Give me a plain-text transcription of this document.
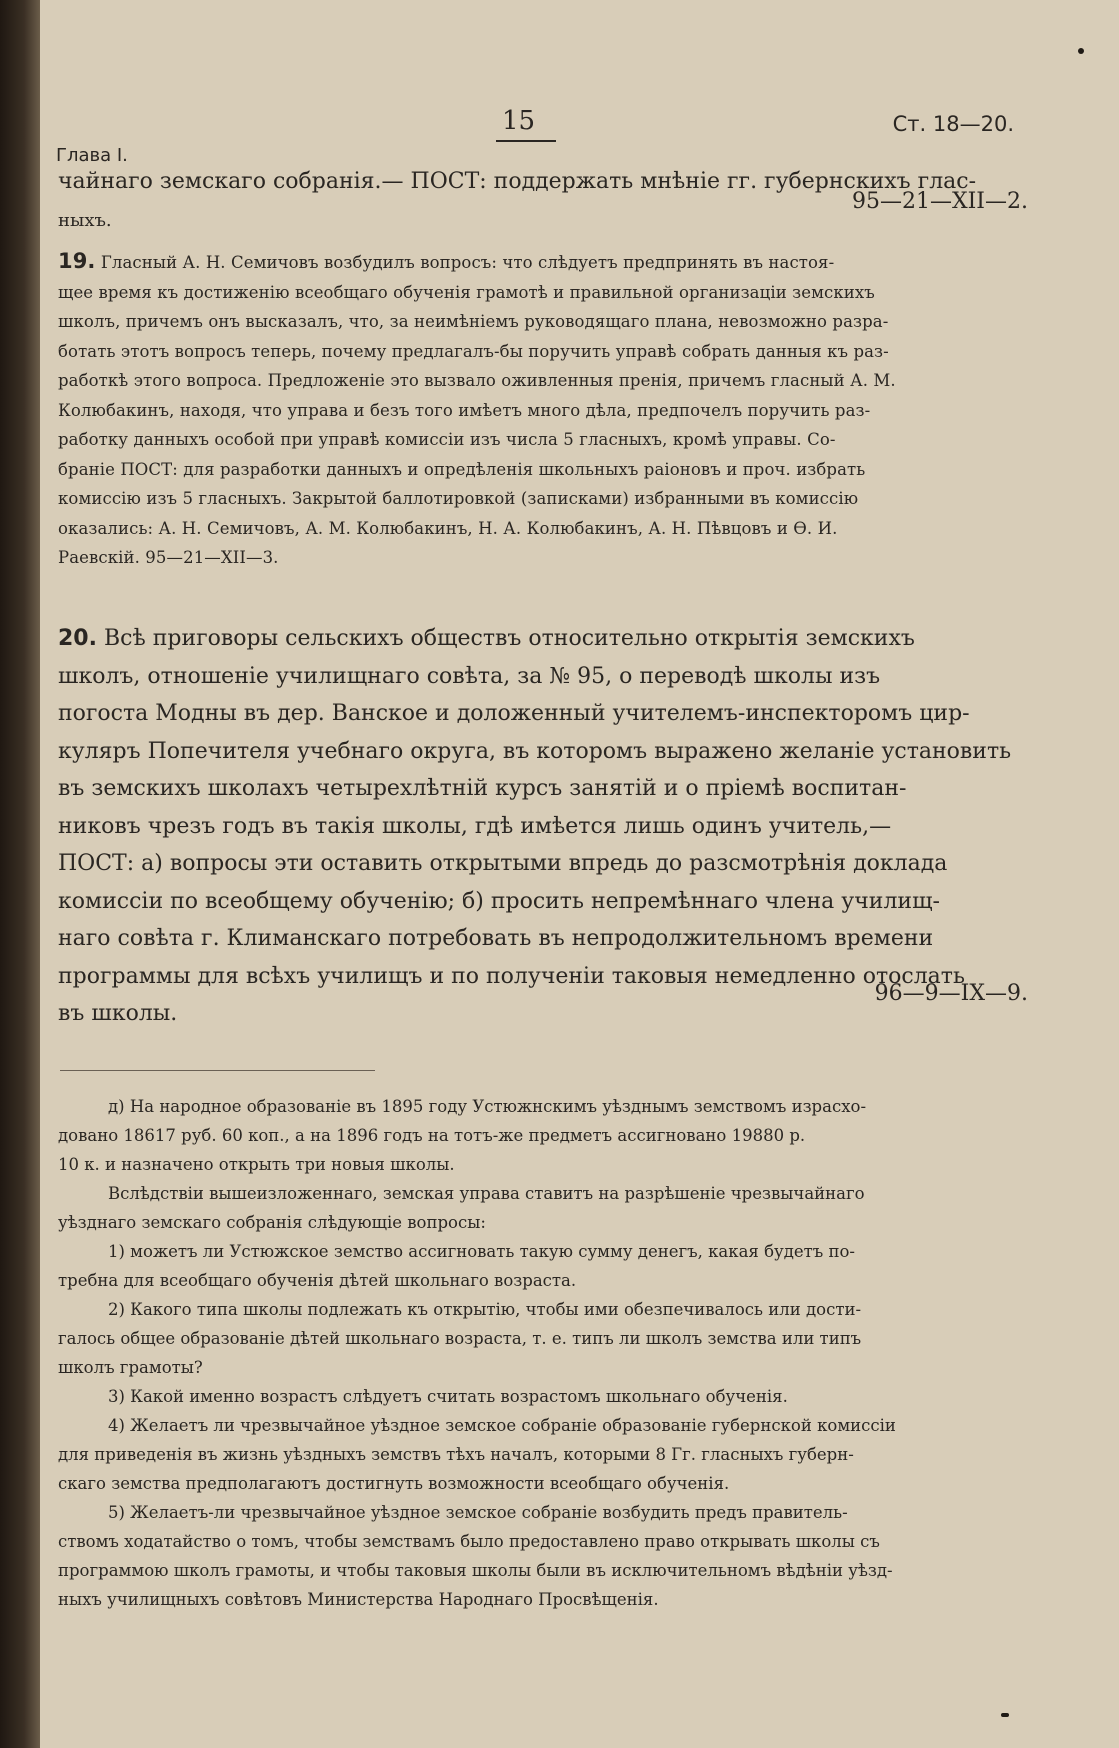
15	Ст. 18—20.
Глава I.
чайнаго земскаго собранія.— ПОСТ: поддержать мнѣніе гг. губернскихъ глас-
ныхъ.
95—21—XII—2.
19. Гласный А. Н. Семичовъ возбудилъ вопросъ: что слѣдуетъ предпринять въ настоя-
щее время къ достиженію всеобщаго обученія грамотѣ и правильной организаціи земскихъ
школъ, причемъ онъ высказалъ, что, за неимѣніемъ руководящаго плана, невозможно разра-
ботать этотъ вопросъ теперь, почему предлагалъ-бы поручить управѣ собрать данныя къ раз-
работкѣ этого вопроса. Предложеніе это вызвало оживленныя пренія, причемъ гласный А. М.
Колюбакинъ, находя, что управа и безъ того имѣетъ много дѣла, предпочелъ поручить раз-
работку данныхъ особой при управѣ комиссіи изъ числа 5 гласныхъ, кромѣ управы. Со-
браніе ПОСТ: для разработки данныхъ и опредѣленія школьныхъ раіоновъ и проч. избрать
комиссію изъ 5 гласныхъ. Закрытой баллотировкой (записками) избранными въ комиссію
оказались: А. Н. Семичовъ, А. М. Колюбакинъ, Н. А. Колюбакинъ, А. Н. Пѣвцовъ и Ѳ. И.
Раевскій. 95—21—XII—3.
20. Всѣ приговоры сельскихъ обществъ относительно открытія земскихъ
школъ, отношеніе училищнаго совѣта, за № 95, о переводѣ школы изъ
погоста Модны въ дер. Ванское и доложенный учителемъ-инспекторомъ цир-
куляръ Попечителя учебнаго округа, въ которомъ выражено желаніе установить
въ земскихъ школахъ четырехлѣтній курсъ занятій и о пріемѣ воспитан-
никовъ чрезъ годъ въ такія школы, гдѣ имѣется лишь одинъ учитель,—
ПОСТ: а) вопросы эти оставить открытыми впредь до разсмотрѣнія доклада
комиссіи по всеобщему обученію; б) просить непремѣннаго члена училищ-
наго совѣта г. Климанскаго потребовать въ непродолжительномъ времени
программы для всѣхъ училищъ и по полученіи таковыя немедленно отослать
въ школы.
96—9—IX—9.
д) На народное образованіе въ 1895 году Устюжнскимъ уѣзднымъ земствомъ израсхо-
довано 18617 руб. 60 коп., а на 1896 годъ на тотъ-же предметъ ассигновано 19880 р.
10 к. и назначено открыть три новыя школы.
Вслѣдствіи вышеизложеннаго, земская управа ставитъ на разрѣшеніе чрезвычайнаго
уѣзднаго земскаго собранія слѣдующіе вопросы:
1) можетъ ли Устюжское земство ассигновать такую сумму денегъ, какая будетъ по-
требна для всеобщаго обученія дѣтей школьнаго возраста.
2) Какого типа школы подлежать къ открытію, чтобы ими обезпечивалось или дости-
галось общее образованіе дѣтей школьнаго возраста, т. е. типъ ли школъ земства или типъ
школъ грамоты?
3) Какой именно возрастъ слѣдуетъ считать возрастомъ школьнаго обученія.
4) Желаетъ ли чрезвычайное уѣздное земское собраніе образованіе губернской комиссіи
для приведенія въ жизнь уѣздныхъ земствъ тѣхъ началъ, которыми 8 Гг. гласныхъ губерн-
скаго земства предполагаютъ достигнуть возможности всеобщаго обученія.
5) Желаетъ-ли чрезвычайное уѣздное земское собраніе возбудить предъ правитель-
ствомъ ходатайство о томъ, чтобы земствамъ было предоставлено право открывать школы съ
программою школъ грамоты, и чтобы таковыя школы были въ исключительномъ вѣдѣніи уѣзд-
ныхъ училищныхъ совѣтовъ Министерства Народнаго Просвѣщенія.
